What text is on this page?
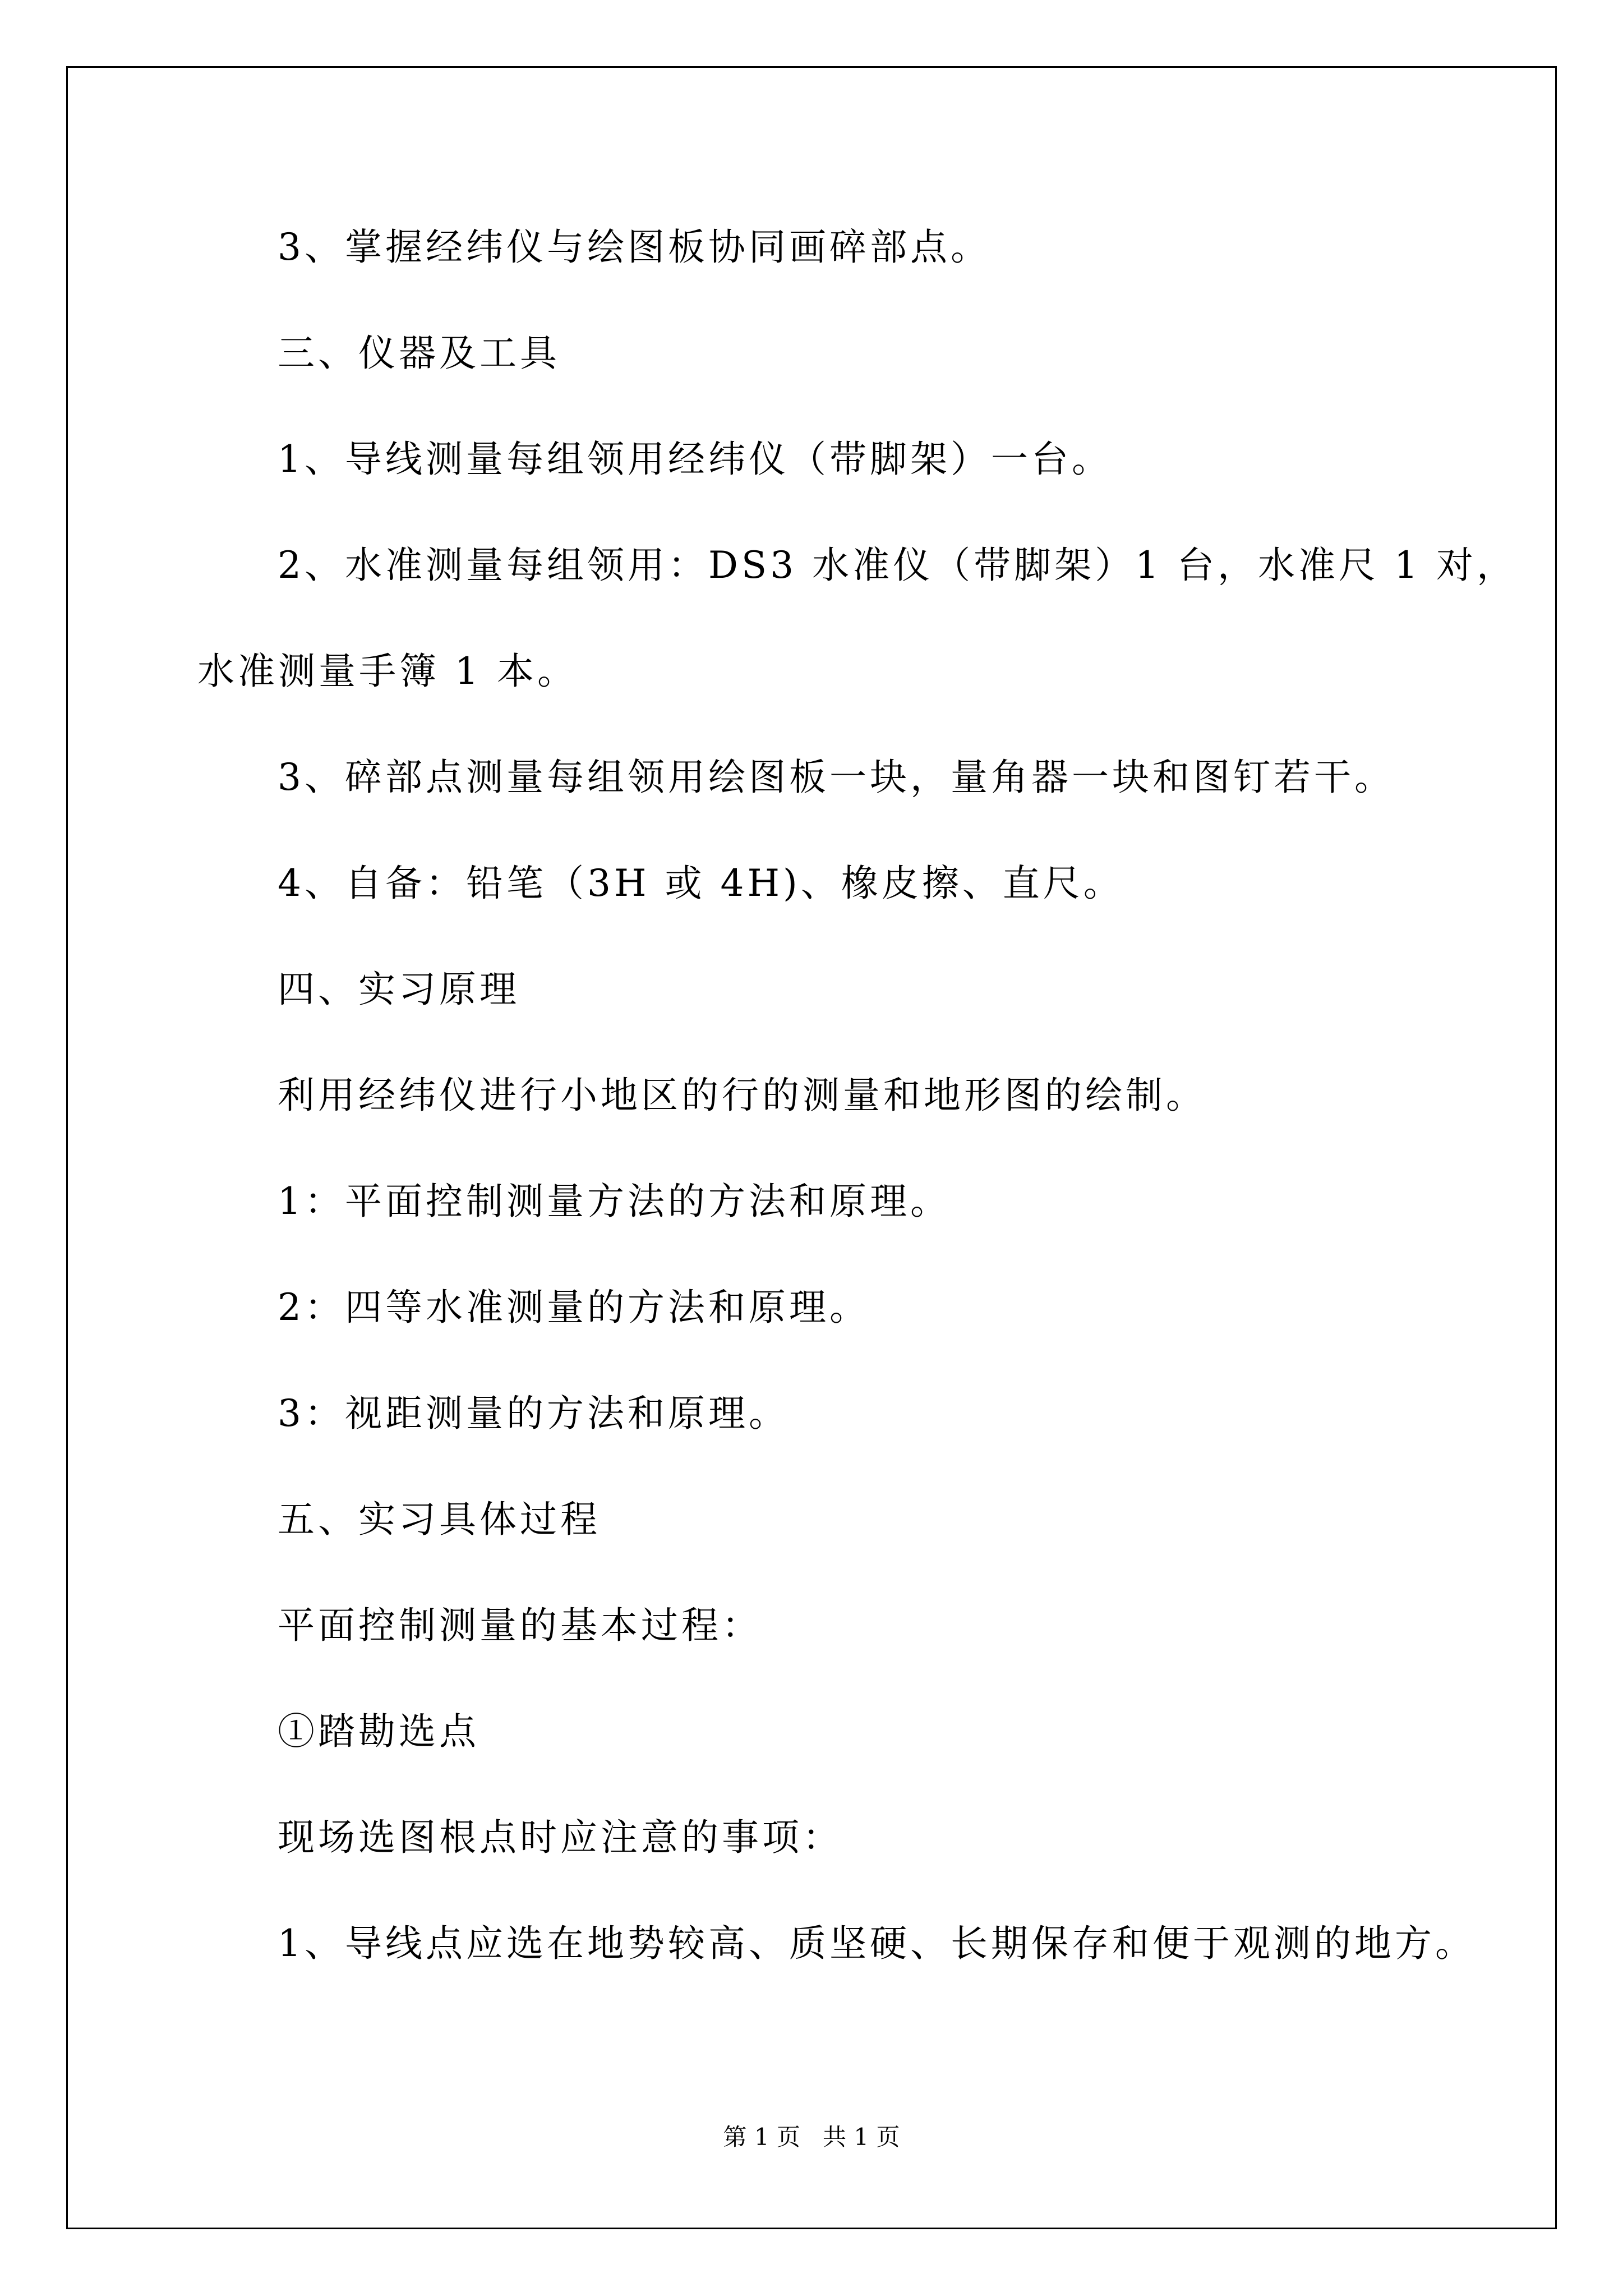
3、掌握经纬仪与绘图板协同画碎部点。
三、仪器及工具
1、导线测量每组领用经纬仪（带脚架）一台。
2、水准测量每组领用：DS3 水准仪（带脚架）1 台，水准尺 1 对，
水准测量手簿 1 本。
3、碎部点测量每组领用绘图板一块，量角器一块和图钉若干。
4、自备：铅笔（3H 或 4H)、橡皮擦、直尺。
四、实习原理
利用经纬仪进行小地区的行的测量和地形图的绘制。
1：平面控制测量方法的方法和原理。
2：四等水准测量的方法和原理。
3：视距测量的方法和原理。
五、实习具体过程
平面控制测量的基本过程：
①踏勘选点
现场选图根点时应注意的事项：
1、导线点应选在地势较高、质坚硬、长期保存和便于观测的地方。
第 1 页   共 1 页
